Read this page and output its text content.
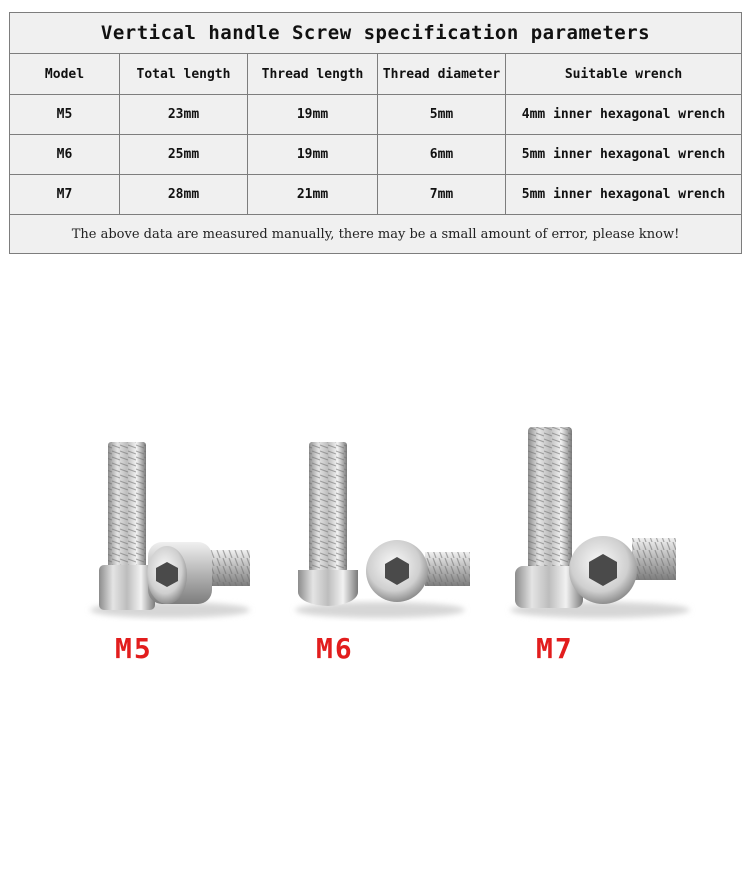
Vertical handle Screw specification parameters				
Model	Total length	Thread length	Thread diameter	Suitable wrench
M5	23mm	19mm	5mm	4mm inner hexagonal wrench
M6	25mm	19mm	6mm	5mm inner hexagonal wrench
M7	28mm	21mm	7mm	5mm inner hexagonal wrench
The above data are measured manually, there may be a small amount of error, please know!				
M5	M6	M7
